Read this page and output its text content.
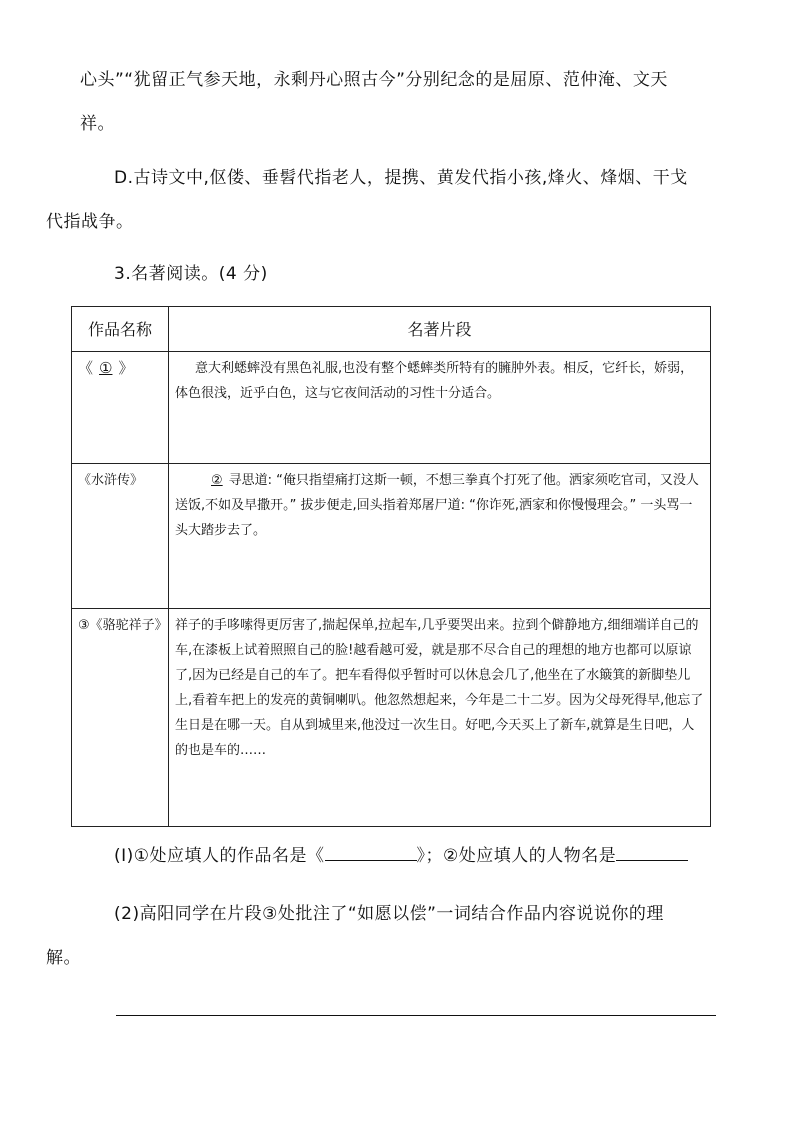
心头”“犹留正气参天地，永剩丹心照古今”分别纪念的是屈原、范仲淹、文天
祥。

D.古诗文中,伛偻、垂髫代指老人，提携、黄发代指小孩,烽火、烽烟、干戈
代指战争。

3.名著阅读。(4 分)

作品名称	名著片段
《 ① 》	意大利蟋蟀没有黑色礼服,也没有整个蟋蟀类所特有的臃肿外表。相反，它纤长，娇弱，体色很浅，近乎白色，这与它夜间活动的习性十分适合。
《水浒传》	② 寻思道: “俺只指望痛打这斯一顿，不想三拳真个打死了他。洒家须吃官司，又没人送饭,不如及早撒开。” 拔步便走,回头指着郑屠尸道: “你诈死,洒家和你慢慢理会。” 一头骂一头大踏步去了。
③《骆驼祥子》	祥子的手哆嗦得更厉害了,揣起保单,拉起车,几乎要哭出来。拉到个僻静地方,细细端详自己的车,在漆板上试着照照自己的脸!越看越可爱，就是那不尽合自己的理想的地方也都可以原谅了,因为已经是自己的车了。把车看得似乎暂时可以休息会几了,他坐在了水簸箕的新脚垫儿上,看着车把上的发亮的黄铜喇叭。他忽然想起来，今年是二十二岁。因为父母死得早,他忘了生日是在哪一天。自从到城里来,他没过一次生日。好吧,今天买上了新车,就算是生日吧，人的也是车的……

(I)①处应填人的作品名是《	》；②处应填人的人物名是

(2)高阳同学在片段③处批注了“如愿以偿”一词结合作品内容说说你的理
解。
